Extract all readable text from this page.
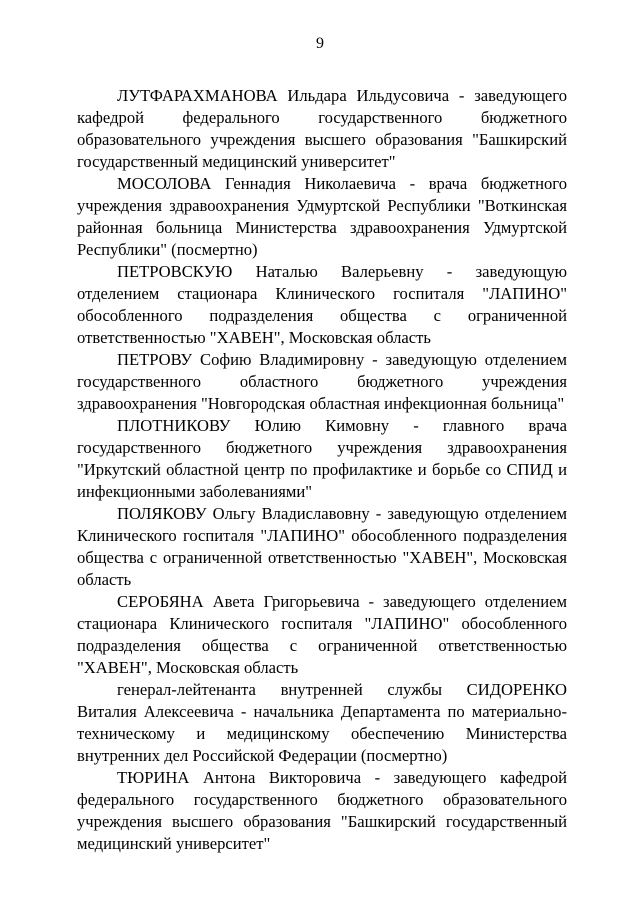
9

ЛУТФАРАХМАНОВА Ильдара Ильдусовича - заведующего кафедрой федерального государственного бюджетного образовательного учреждения высшего образования "Башкирский государственный медицинский университет"

МОСОЛОВА Геннадия Николаевича - врача бюджетного учреждения здравоохранения Удмуртской Республики "Воткинская районная больница Министерства здравоохранения Удмуртской Республики" (посмертно)

ПЕТРОВСКУЮ Наталью Валерьевну - заведующую отделением стационара Клинического госпиталя "ЛАПИНО" обособленного подразделения общества с ограниченной ответственностью "ХАВЕН", Московская область

ПЕТРОВУ Софию Владимировну - заведующую отделением государственного областного бюджетного учреждения здравоохранения "Новгородская областная инфекционная больница"

ПЛОТНИКОВУ Юлию Кимовну - главного врача государственного бюджетного учреждения здравоохранения "Иркутский областной центр по профилактике и борьбе со СПИД и инфекционными заболеваниями"

ПОЛЯКОВУ Ольгу Владиславовну - заведующую отделением Клинического госпиталя "ЛАПИНО" обособленного подразделения общества с ограниченной ответственностью "ХАВЕН", Московская область

СЕРОБЯНА Авета Григорьевича - заведующего отделением стационара Клинического госпиталя "ЛАПИНО" обособленного подразделения общества с ограниченной ответственностью "ХАВЕН", Московская область

генерал-лейтенанта внутренней службы СИДОРЕНКО Виталия Алексеевича - начальника Департамента по материально-техническому и медицинскому обеспечению Министерства внутренних дел Российской Федерации (посмертно)

ТЮРИНА Антона Викторовича - заведующего кафедрой федерального государственного бюджетного образовательного учреждения высшего образования "Башкирский государственный медицинский университет"
